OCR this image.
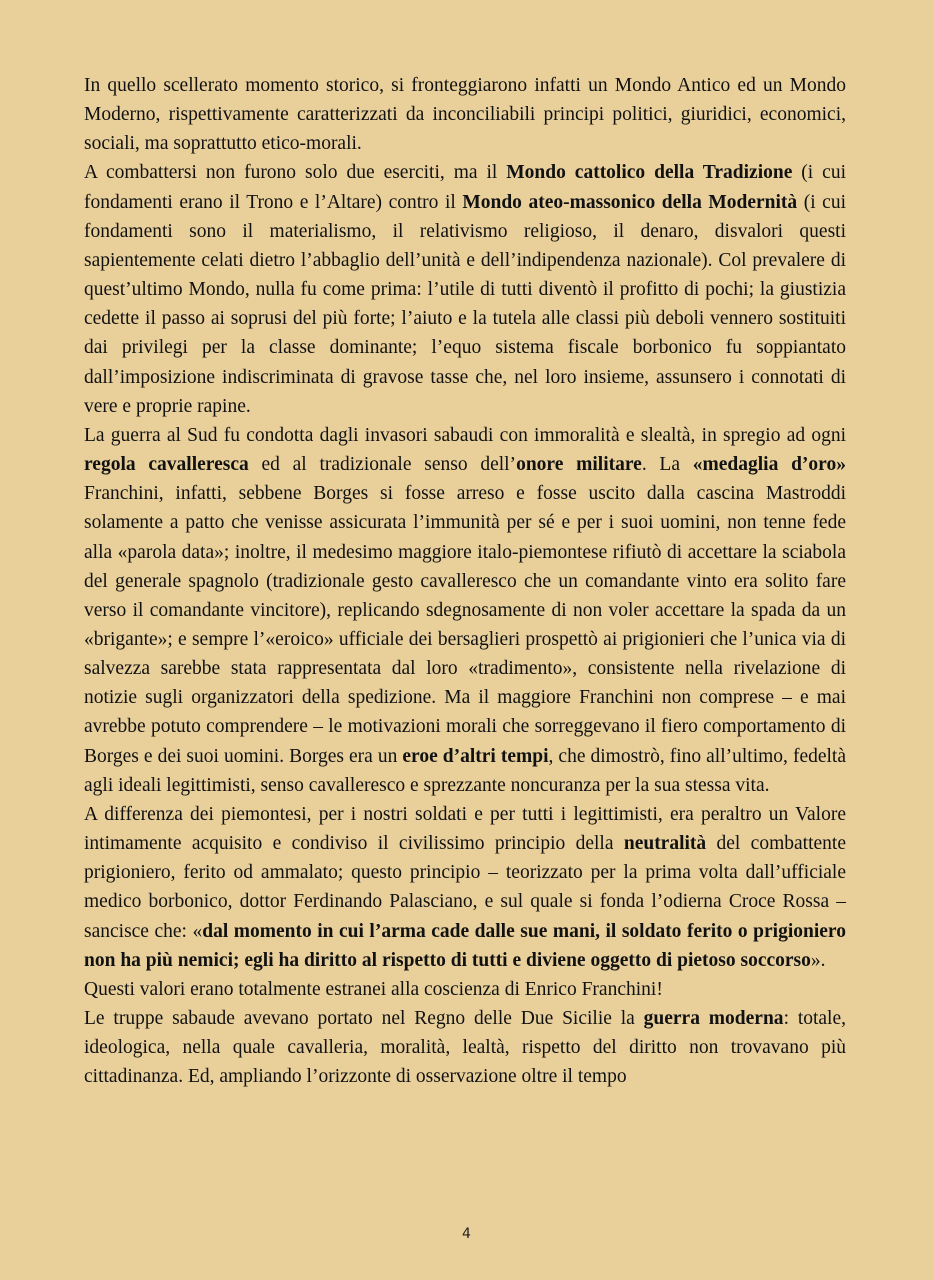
In quello scellerato momento storico, si fronteggiarono infatti un Mondo Antico ed un Mondo Moderno, rispettivamente caratterizzati da inconciliabili principi politici, giuridici, economici, sociali, ma soprattutto etico-morali.

A combattersi non furono solo due eserciti, ma il Mondo cattolico della Tradizione (i cui fondamenti erano il Trono e l’Altare) contro il Mondo ateo-massonico della Modernità (i cui fondamenti sono il materialismo, il relativismo religioso, il denaro, disvalori questi sapientemente celati dietro l’abbaglio dell’unità e dell’indipendenza nazionale). Col prevalere di quest’ultimo Mondo, nulla fu come prima: l’utile di tutti diventò il profitto di pochi; la giustizia cedette il passo ai soprusi del più forte; l’aiuto e la tutela alle classi più deboli vennero sostituiti dai privilegi per la classe dominante; l’equo sistema fiscale borbonico fu soppiantato dall’imposizione indiscriminata di gravose tasse che, nel loro insieme, assunsero i connotati di vere e proprie rapine.

La guerra al Sud fu condotta dagli invasori sabaudi con immoralità e slealtà, in spregio ad ogni regola cavalleresca ed al tradizionale senso dell’onore militare. La «medaglia d’oro» Franchini, infatti, sebbene Borges si fosse arreso e fosse uscito dalla cascina Mastroddi solamente a patto che venisse assicurata l’immunità per sé e per i suoi uomini, non tenne fede alla «parola data»; inoltre, il medesimo maggiore italo-piemontese rifiutò di accettare la sciabola del generale spagnolo (tradizionale gesto cavalleresco che un comandante vinto era solito fare verso il comandante vincitore), replicando sdegnosamente di non voler accettare la spada da un «brigante»; e sempre l’«eroico» ufficiale dei bersaglieri prospettò ai prigionieri che l’unica via di salvezza sarebbe stata rappresentata dal loro «tradimento», consistente nella rivelazione di notizie sugli organizzatori della spedizione. Ma il maggiore Franchini non comprese – e mai avrebbe potuto comprendere – le motivazioni morali che sorreggevano il fiero comportamento di Borges e dei suoi uomini. Borges era un eroe d’altri tempi, che dimostrò, fino all’ultimo, fedeltà agli ideali legittimisti, senso cavalleresco e sprezzante noncuranza per la sua stessa vita.

A differenza dei piemontesi, per i nostri soldati e per tutti i legittimisti, era peraltro un Valore intimamente acquisito e condiviso il civilissimo principio della neutralità del combattente prigioniero, ferito od ammalato; questo principio – teorizzato per la prima volta dall’ufficiale medico borbonico, dottor Ferdinando Palasciano, e sul quale si fonda l’odierna Croce Rossa – sancisce che: «dal momento in cui l’arma cade dalle sue mani, il soldato ferito o prigioniero non ha più nemici; egli ha diritto al rispetto di tutti e diviene oggetto di pietoso soccorso».

Questi valori erano totalmente estranei alla coscienza di Enrico Franchini!

Le truppe sabaude avevano portato nel Regno delle Due Sicilie la guerra moderna: totale, ideologica, nella quale cavalleria, moralità, lealtà, rispetto del diritto non trovavano più cittadinanza. Ed, ampliando l’orizzonte di osservazione oltre il tempo

4
